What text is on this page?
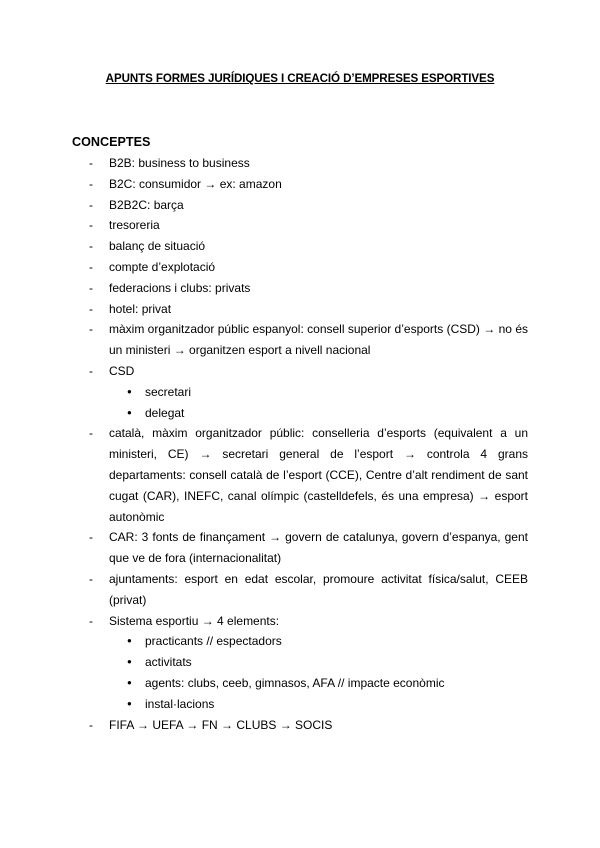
APUNTS FORMES JURÍDIQUES I CREACIÓ D’EMPRESES ESPORTIVES
CONCEPTES
- B2B: business to business
- B2C: consumidor → ex: amazon
- B2B2C: barça
- tresoreria
- balanç de situació
- compte d’explotació
- federacions i clubs: privats
- hotel: privat
- màxim organitzador públic espanyol: consell superior d’esports (CSD) → no és un ministeri → organitzen esport a nivell nacional
- CSD
● secretari
● delegat
- català, màxim organitzador públic: conselleria d’esports (equivalent a un ministeri, CE) → secretari general de l’esport → controla 4 grans departaments: consell català de l’esport (CCE), Centre d’alt rendiment de sant cugat (CAR), INEFC, canal olímpic (castelldefels, és una empresa) → esport autonòmic
- CAR: 3 fonts de finançament → govern de catalunya, govern d’espanya, gent que ve de fora (internacionalitat)
- ajuntaments: esport en edat escolar, promoure activitat física/salut, CEEB (privat)
- Sistema esportiu → 4 elements:
● practicants // espectadors
● activitats
● agents: clubs, ceeb, gimnasos, AFA // impacte econòmic
● instal·lacions
- FIFA → UEFA → FN → CLUBS → SOCIS
